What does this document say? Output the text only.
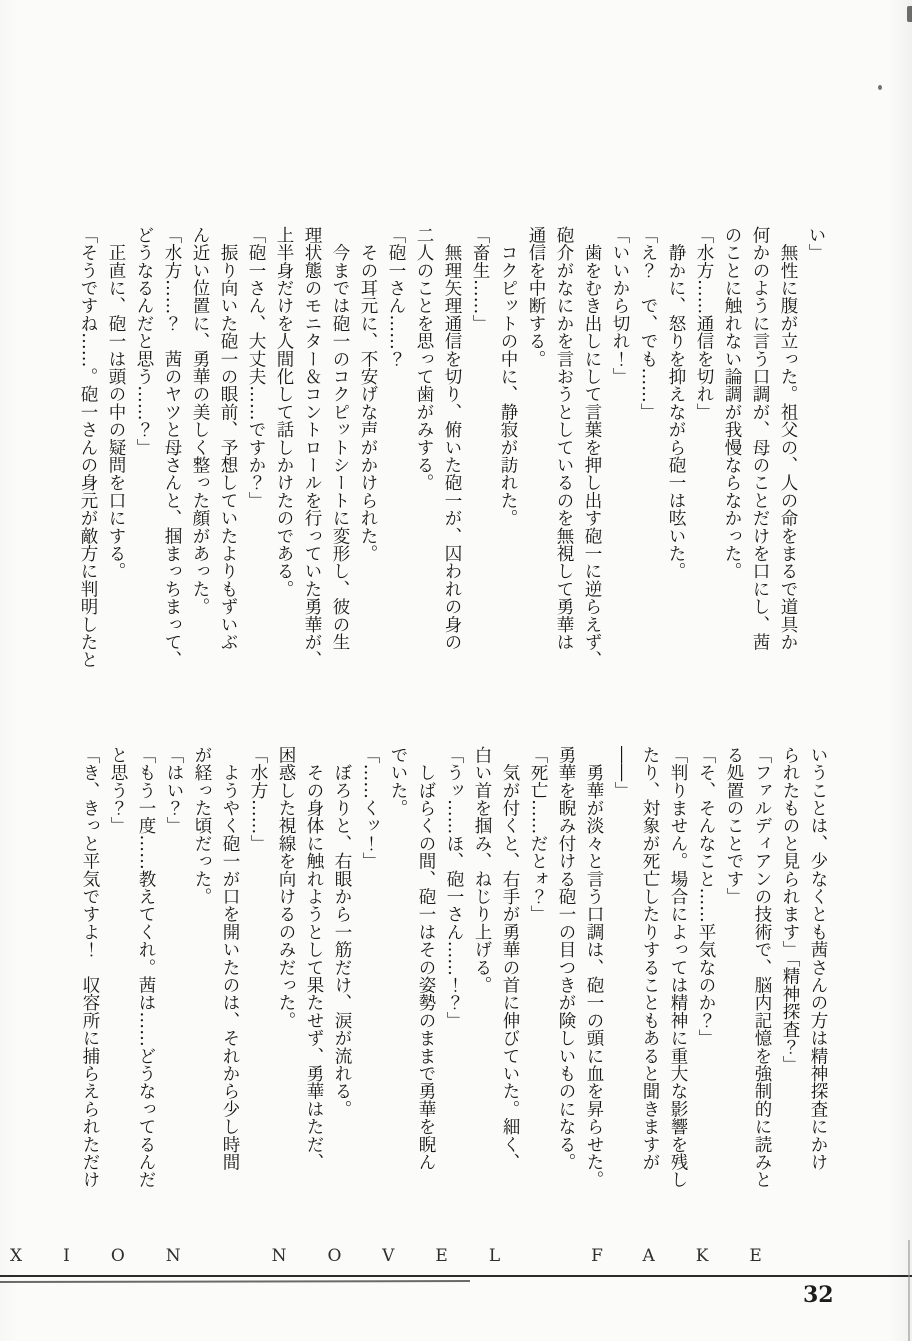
い」

　無性に腹が立った。祖父の、人の命をまるで道具か

何かのように言う口調が、母のことだけを口にし、茜

のことに触れない論調が我慢ならなかった。

「水方……通信を切れ」

　静かに、怒りを抑えながら砲一は呟いた。

「え？　で、でも……」

「いいから切れ！」

　歯をむき出しにして言葉を押し出す砲一に逆らえず、

砲介がなにかを言おうとしているのを無視して勇華は

通信を中断する。

　コクピットの中に、静寂が訪れた。

「畜生……」

　無理矢理通信を切り、俯いた砲一が、囚われの身の

二人のことを思って歯がみする。

「砲一さん……？

　その耳元に、不安げな声がかけられた。

　今までは砲一のコクピットシートに変形し、彼の生

理状態のモニター＆コントロールを行っていた勇華が、

上半身だけを人間化して話しかけたのである。

「砲一さん、大丈夫……ですか？」

　振り向いた砲一の眼前、予想していたよりもずいぶ

ん近い位置に、勇華の美しく整った顔があった。

「水方……？　茜のヤツと母さんと、掴まっちまって、

どうなるんだと思う……？」

　正直に、砲一は頭の中の疑問を口にする。

「そうですね……。砲一さんの身元が敵方に判明したと

いうことは、少なくとも茜さんの方は精神探査にかけ

られたものと見られます」「精神探査？」

「ファルディアンの技術で、脳内記憶を強制的に読みと

る処置のことです」

「そ、そんなこと……平気なのか？」

「判りません。場合によっては精神に重大な影響を残し

たり、対象が死亡したりすることもあると聞きますが

――」

　勇華が淡々と言う口調は、砲一の頭に血を昇らせた。

勇華を睨み付ける砲一の目つきが険しいものになる。

「死亡……だとォ？」

　気が付くと、右手が勇華の首に伸びていた。細く、

白い首を掴み、ねじり上げる。

「うッ……ほ、砲一さん……！？」

　しばらくの間、砲一はその姿勢のままで勇華を睨ん

でいた。

「……くッ！」

　ぼろりと、右眼から一筋だけ、涙が流れる。

　その身体に触れようとして果たせず、勇華はただ、

困惑した視線を向けるのみだった。

「水方……」

　ようやく砲一が口を開いたのは、それから少し時間

が経った頃だった。

「はい？」

「もう一度……教えてくれ。茜は……どうなってるんだ

と思う？」

「き、きっと平気ですよ！　収容所に捕らえられただけ

XION	NOVEL	FAKE
32
